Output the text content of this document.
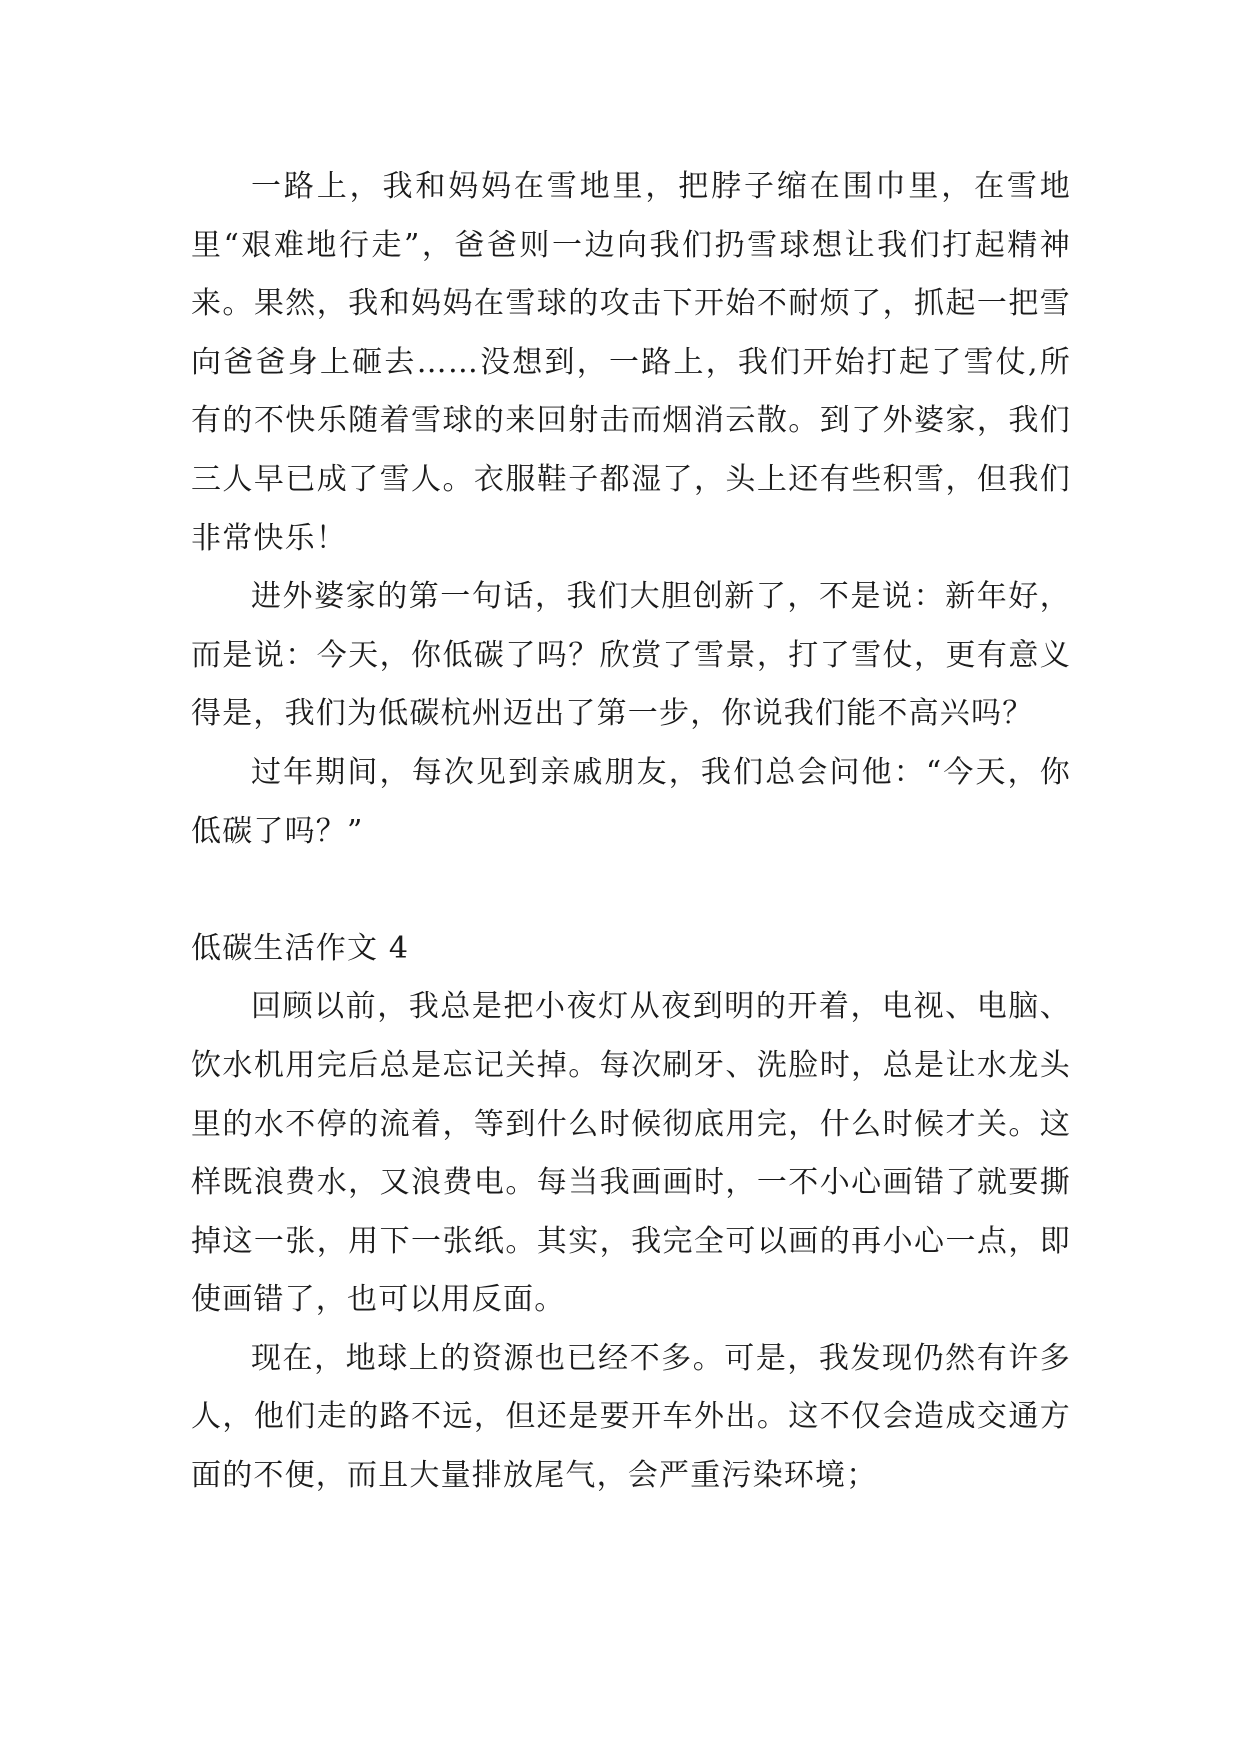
一路上，我和妈妈在雪地里，把脖子缩在围巾里，在雪地里“艰难地行走”，爸爸则一边向我们扔雪球想让我们打起精神来。果然，我和妈妈在雪球的攻击下开始不耐烦了，抓起一把雪向爸爸身上砸去……没想到，一路上，我们开始打起了雪仗,所有的不快乐随着雪球的来回射击而烟消云散。到了外婆家，我们三人早已成了雪人。衣服鞋子都湿了，头上还有些积雪，但我们非常快乐！

进外婆家的第一句话，我们大胆创新了，不是说：新年好，而是说：今天，你低碳了吗？欣赏了雪景，打了雪仗，更有意义得是，我们为低碳杭州迈出了第一步，你说我们能不高兴吗？

过年期间，每次见到亲戚朋友，我们总会问他：“今天，你低碳了吗？”

低碳生活作文 4

回顾以前，我总是把小夜灯从夜到明的开着，电视、电脑、饮水机用完后总是忘记关掉。每次刷牙、洗脸时，总是让水龙头里的水不停的流着，等到什么时候彻底用完，什么时候才关。这样既浪费水，又浪费电。每当我画画时，一不小心画错了就要撕掉这一张，用下一张纸。其实，我完全可以画的再小心一点，即使画错了，也可以用反面。

现在，地球上的资源也已经不多。可是，我发现仍然有许多人，他们走的路不远，但还是要开车外出。这不仅会造成交通方面的不便，而且大量排放尾气，会严重污染环境；
